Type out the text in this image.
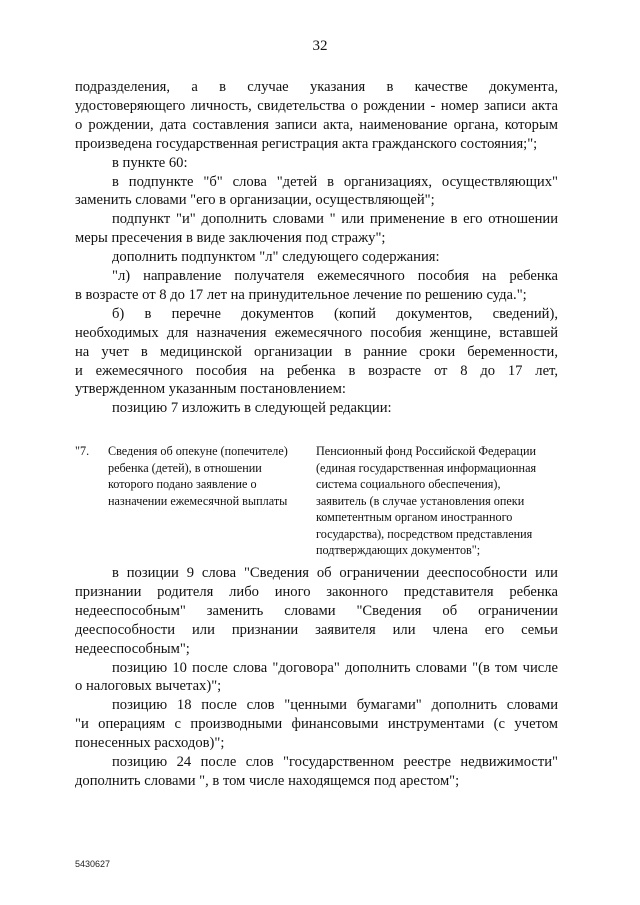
32
подразделения, а в случае указания в качестве документа,
удостоверяющего личность, свидетельства о рождении - номер записи акта
о рождении, дата составления записи акта, наименование органа, которым
произведена государственная регистрация акта гражданского состояния;";
в пункте 60:
в подпункте "б" слова "детей в организациях, осуществляющих"
заменить словами "его в организации, осуществляющей";
подпункт "и" дополнить словами " или применение в его отношении
меры пресечения в виде заключения под стражу";
дополнить подпунктом "л" следующего содержания:
"л) направление получателя ежемесячного пособия на ребенка
в возрасте от 8 до 17 лет на принудительное лечение по решению суда.";
б) в перечне документов (копий документов, сведений),
необходимых для назначения ежемесячного пособия женщине, вставшей
на учет в медицинской организации в ранние сроки беременности,
и ежемесячного пособия на ребенка в возрасте от 8 до 17 лет,
утвержденном указанным постановлением:
позицию 7 изложить в следующей редакции:
"7. Сведения об опекуне (попечителе)
ребенка (детей), в отношении
которого подано заявление о
назначении ежемесячной выплаты
Пенсионный фонд Российской Федерации
(единая государственная информационная
система социального обеспечения),
заявитель (в случае установления опеки
компетентным органом иностранного
государства), посредством представления
подтверждающих документов";
в позиции 9 слова "Сведения об ограничении дееспособности или
признании родителя либо иного законного представителя ребенка
недееспособным" заменить словами "Сведения об ограничении
дееспособности или признании заявителя или члена его семьи
недееспособным";
позицию 10 после слова "договора" дополнить словами "(в том числе
о налоговых вычетах)";
позицию 18 после слов "ценными бумагами" дополнить словами
"и операциям с производными финансовыми инструментами (с учетом
понесенных расходов)";
позицию 24 после слов "государственном реестре недвижимости"
дополнить словами ", в том числе находящемся под арестом";
5430627
